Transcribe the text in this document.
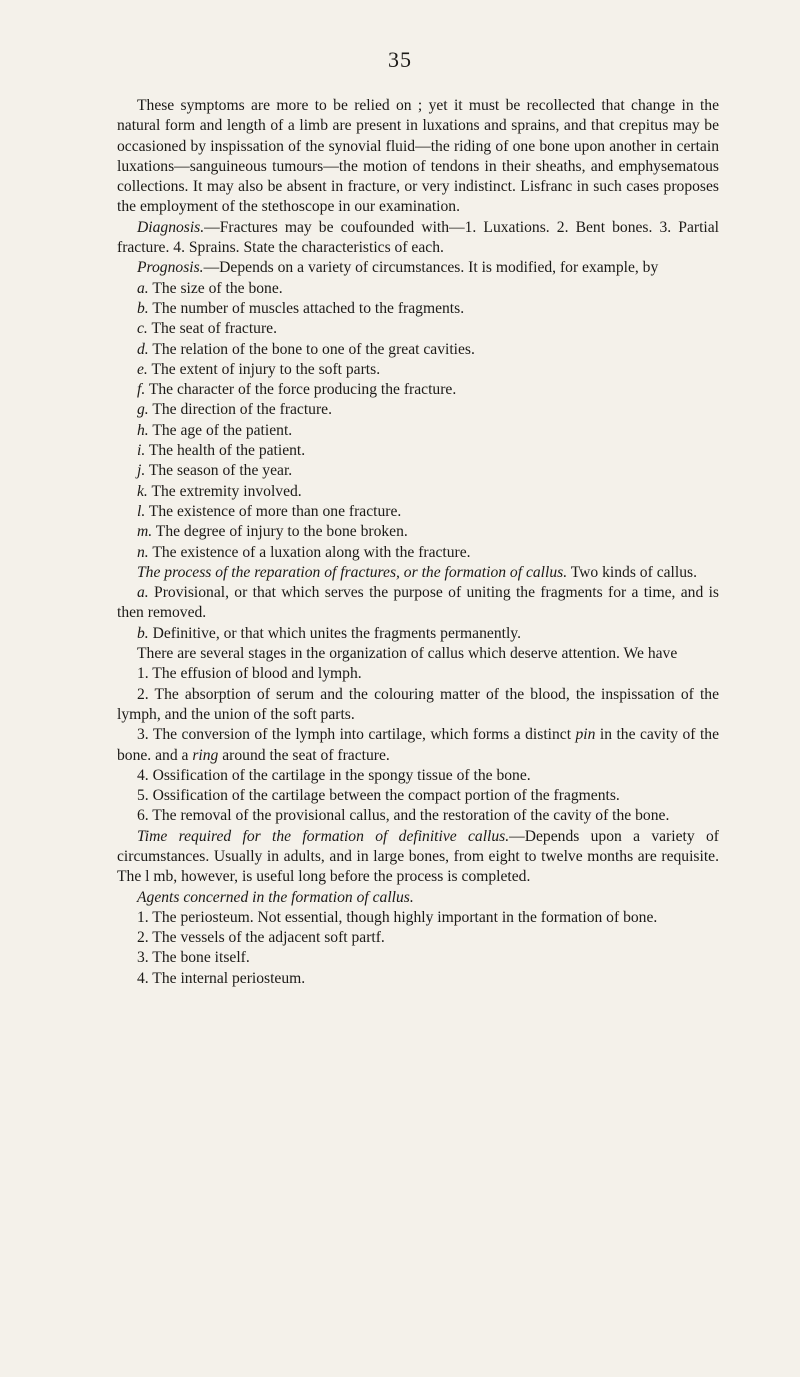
35

These symptoms are more to be relied on ; yet it must be recollected that change in the natural form and length of a limb are present in luxations and sprains, and that crepitus may be occasioned by inspissation of the synovial fluid—the riding of one bone upon another in certain luxations—sanguineous tumours—the motion of tendons in their sheaths, and emphysematous collections. It may also be absent in fracture, or very indistinct. Lisfranc in such cases proposes the employment of the stethoscope in our examination.

Diagnosis.—Fractures may be coufounded with—1. Luxations. 2. Bent bones. 3. Partial fracture. 4. Sprains. State the characteristics of each.

Prognosis.—Depends on a variety of circumstances. It is modified, for example, by

a. The size of the bone.

b. The number of muscles attached to the fragments.

c. The seat of fracture.

d. The relation of the bone to one of the great cavities.

e. The extent of injury to the soft parts.

f. The character of the force producing the fracture.

g. The direction of the fracture.

h. The age of the patient.

i. The health of the patient.

j. The season of the year.

k. The extremity involved.

l. The existence of more than one fracture.

m. The degree of injury to the bone broken.

n. The existence of a luxation along with the fracture.

The process of the reparation of fractures, or the formation of callus. Two kinds of callus.

a. Provisional, or that which serves the purpose of uniting the fragments for a time, and is then removed.

b. Definitive, or that which unites the fragments permanently.

There are several stages in the organization of callus which deserve attention. We have

1. The effusion of blood and lymph.

2. The absorption of serum and the colouring matter of the blood, the inspissation of the lymph, and the union of the soft parts.

3. The conversion of the lymph into cartilage, which forms a distinct pin in the cavity of the bone. and a ring around the seat of fracture.

4. Ossification of the cartilage in the spongy tissue of the bone.

5. Ossification of the cartilage between the compact portion of the fragments.

6. The removal of the provisional callus, and the restoration of the cavity of the bone.

Time required for the formation of definitive callus.—Depends upon a variety of circumstances. Usually in adults, and in large bones, from eight to twelve months are requisite. The l mb, however, is useful long before the process is completed.

Agents concerned in the formation of callus.

1. The periosteum. Not essential, though highly important in the formation of bone.

2. The vessels of the adjacent soft partf.

3. The bone itself.

4. The internal periosteum.
